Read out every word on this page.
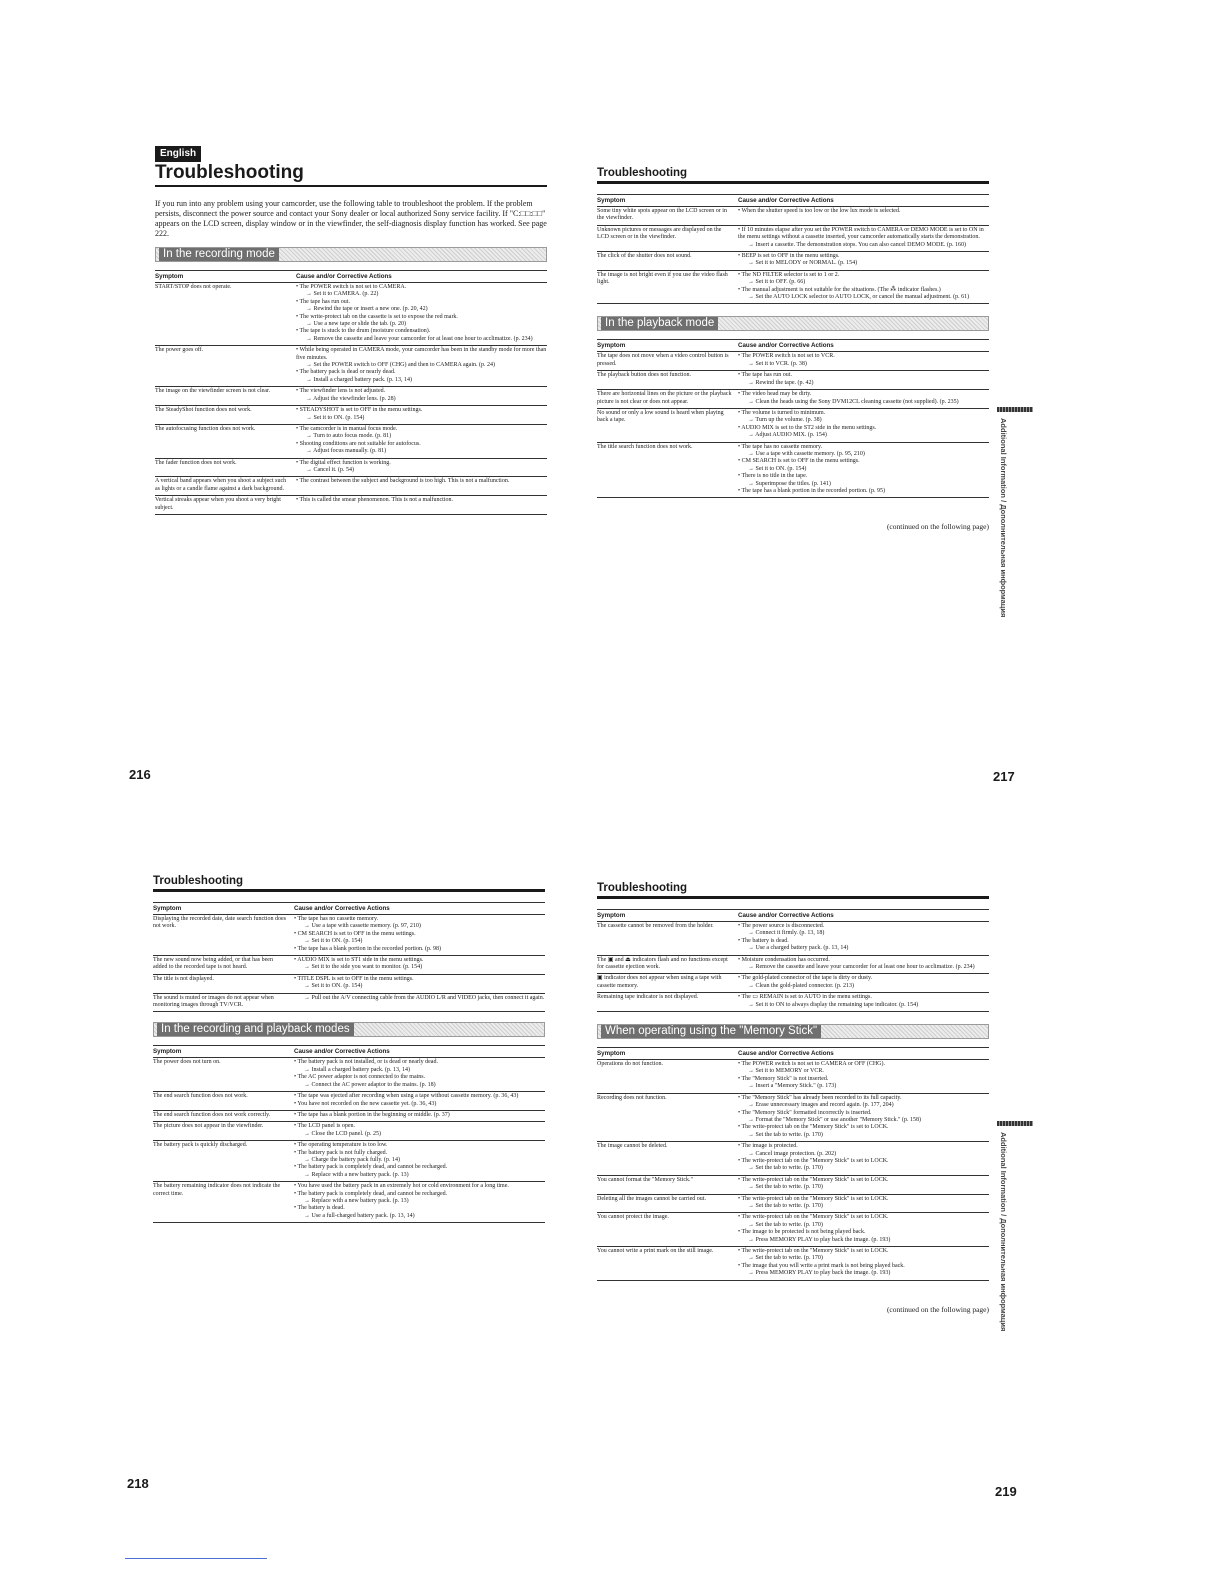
English
Troubleshooting

If you run into any problem using your camcorder, use the following table to troubleshoot the problem. If the problem persists, disconnect the power source and contact your Sony dealer or local authorized Sony service facility. If "C:□□:□□" appears on the LCD screen, display window or in the viewfinder, the self-diagnosis display function has worked. See page 222.

In the recording mode
Symptom	Cause and/or Corrective Actions
START/STOP does not operate.	• The POWER switch is not set to CAMERA.
→ Set it to CAMERA. (p. 22)
• The tape has run out.
→ Rewind the tape or insert a new one. (p. 20, 42)
• The write-protect tab on the cassette is set to expose the red mark.
→ Use a new tape or slide the tab. (p. 20)
• The tape is stuck to the drum (moisture condensation).
→ Remove the cassette and leave your camcorder for at least one hour to acclimatize. (p. 234)
The power goes off.	• While being operated in CAMERA mode, your camcorder has been in the standby mode for more than five minutes.
→ Set the POWER switch to OFF (CHG) and then to CAMERA again. (p. 24)
• The battery pack is dead or nearly dead.
→ Install a charged battery pack. (p. 13, 14)
The image on the viewfinder screen is not clear.	• The viewfinder lens is not adjusted.
→ Adjust the viewfinder lens. (p. 28)
The SteadyShot function does not work.	• STEADYSHOT is set to OFF in the menu settings.
→ Set it to ON. (p. 154)
The autofocusing function does not work.	• The camcorder is in manual focus mode.
→ Turn to auto focus mode. (p. 81)
• Shooting conditions are not suitable for autofocus.
→ Adjust focus manually. (p. 81)
The fader function does not work.	• The digital effect function is working.
→ Cancel it. (p. 54)
A vertical band appears when you shoot a subject such as lights or a candle flame against a dark background.
• The contrast between the subject and background is too high. This is not a malfunction.
Vertical streaks appear when you shoot a very bright subject.
• This is called the smear phenomenon. This is not a malfunction.
Troubleshooting
Symptom	Cause and/or Corrective Actions
Some tiny white spots appear on the LCD screen or in the viewfinder.
• When the shutter speed is too low or the low lux mode is selected.
Unknown pictures or messages are displayed on the LCD screen or in the viewfinder.
• If 10 minutes elapse after you set the POWER switch to CAMERA or DEMO MODE is set to ON in the menu settings without a cassette inserted, your camcorder automatically starts the demonstration.
→ Insert a cassette. The demonstration stops. You can also cancel DEMO MODE. (p. 160)
The click of the shutter does not sound.	• BEEP is set to OFF in the menu settings.
→ Set it to MELODY or NORMAL. (p. 154)
The image is not bright even if you use the video flash light.
• The ND FILTER selector is set to 1 or 2.
→ Set it to OFF. (p. 66)
• The manual adjustment is not suitable for the situations. (The ⁂ indicator flashes.)
→ Set the AUTO LOCK selector to AUTO LOCK, or cancel the manual adjustment. (p. 61)
In the playback mode
Symptom	Cause and/or Corrective Actions
The tape does not move when a video control button is pressed.
• The POWER switch is not set to VCR.
→ Set it to VCR. (p. 38)
The playback button does not function.	• The tape has run out.
→ Rewind the tape. (p. 42)
There are horizontal lines on the picture or the playback picture is not clear or does not appear.
• The video head may be dirty.
→ Clean the heads using the Sony DVM12CL cleaning cassette (not supplied). (p. 235)
No sound or only a low sound is heard when playing back a tape.
• The volume is turned to minimum.
→ Turn up the volume. (p. 38)
• AUDIO MIX is set to the ST2 side in the menu settings.
→ Adjust AUDIO MIX. (p. 154)
The title search function does not work.	• The tape has no cassette memory.
→ Use a tape with cassette memory. (p. 95, 210)
• CM SEARCH is set to OFF in the menu settings.
→ Set it to ON. (p. 154)
• There is no title in the tape.
→ Superimpose the titles. (p. 141)
• The tape has a blank portion in the recorded portion. (p. 95)
(continued on the following page)
Troubleshooting
Symptom	Cause and/or Corrective Actions
Displaying the recorded date, date search function does not work.
• The tape has no cassette memory.
→ Use a tape with cassette memory. (p. 97, 210)
• CM SEARCH is set to OFF in the menu settings.
→ Set it to ON. (p. 154)
• The tape has a blank portion in the recorded portion. (p. 98)
The new sound now being added, or that has been added to the recorded tape is not heard.
• AUDIO MIX is set to ST1 side in the menu settings.
→ Set it to the side you want to monitor. (p. 154)
The title is not displayed.	• TITLE DSPL is set to OFF in the menu settings.
→ Set it to ON. (p. 154)
The sound is muted or images do not appear when monitoring images through TV/VCR.
→ Pull out the A/V connecting cable from the AUDIO L/R and VIDEO jacks, then connect it again.
In the recording and playback modes
Symptom	Cause and/or Corrective Actions
The power does not turn on.	• The battery pack is not installed, or is dead or nearly dead.
→ Install a charged battery pack. (p. 13, 14)
• The AC power adaptor is not connected to the mains.
→ Connect the AC power adaptor to the mains. (p. 18)
The end search function does not work.	• The tape was ejected after recording when using a tape without cassette memory. (p. 36, 43)
• You have not recorded on the new cassette yet. (p. 36, 43)
The end search function does not work correctly.	• The tape has a blank portion in the beginning or middle. (p. 37)
The picture does not appear in the viewfinder.	• The LCD panel is open.
→ Close the LCD panel. (p. 25)
The battery pack is quickly discharged.	• The operating temperature is too low.
• The battery pack is not fully charged.
→ Charge the battery pack fully. (p. 14)
• The battery pack is completely dead, and cannot be recharged.
→ Replace with a new battery pack. (p. 13)
The battery remaining indicator does not indicate the correct time.
• You have used the battery pack in an extremely hot or cold environment for a long time.
• The battery pack is completely dead, and cannot be recharged.
→ Replace with a new battery pack. (p. 13)
• The battery is dead.
→ Use a full-charged battery pack. (p. 13, 14)
Troubleshooting
Symptom	Cause and/or Corrective Actions
The cassette cannot be removed from the holder.	• The power source is disconnected.
→ Connect it firmly. (p. 13, 18)
• The battery is dead.
→ Use a charged battery pack. (p. 13, 14)
The ▣ and ⏏ indicators flash and no functions except for cassette ejection work.
• Moisture condensation has occurred.
→ Remove the cassette and leave your camcorder for at least one hour to acclimatize. (p. 234)
▣ indicator does not appear when using a tape with cassette memory.
• The gold-plated connector of the tape is dirty or dusty.
→ Clean the gold-plated connector. (p. 213)
Remaining tape indicator is not displayed.	• The ▭ REMAIN is set to AUTO in the menu settings.
→ Set it to ON to always display the remaining tape indicator. (p. 154)
When operating using the "Memory Stick"
Symptom	Cause and/or Corrective Actions
Operations do not function.	• The POWER switch is not set to CAMERA or OFF (CHG).
→ Set it to MEMORY or VCR.
• The "Memory Stick" is not inserted.
→ Insert a "Memory Stick." (p. 173)
Recording does not function.	• The "Memory Stick" has already been recorded to its full capacity.
→ Erase unnecessary images and record again. (p. 177, 204)
• The "Memory Stick" formatted incorrectly is inserted.
→ Format the "Memory Stick" or use another "Memory Stick." (p. 158)
• The write-protect tab on the "Memory Stick" is set to LOCK.
→ Set the tab to write. (p. 170)
The image cannot be deleted.	• The image is protected.
→ Cancel image protection. (p. 202)
• The write-protect tab on the "Memory Stick" is set to LOCK.
→ Set the tab to write. (p. 170)
You cannot format the "Memory Stick."	• The write-protect tab on the "Memory Stick" is set to LOCK.
→ Set the tab to write. (p. 170)
Deleting all the images cannot be carried out.	• The write-protect tab on the "Memory Stick" is set to LOCK.
→ Set the tab to write. (p. 170)
You cannot protect the image.	• The write-protect tab on the "Memory Stick" is set to LOCK.
→ Set the tab to write. (p. 170)
• The image to be protected is not being played back.
→ Press MEMORY PLAY to play back the image. (p. 193)
You cannot write a print mark on the still image.	• The write-protect tab on the "Memory Stick" is set to LOCK.
→ Set the tab to write. (p. 170)
• The image that you will write a print mark is not being played back.
→ Press MEMORY PLAY to play back the image. (p. 193)
(continued on the following page)
216	217
218
219
Additional Information / Дополнительная информация
Additional Information / Дополнительная информация
